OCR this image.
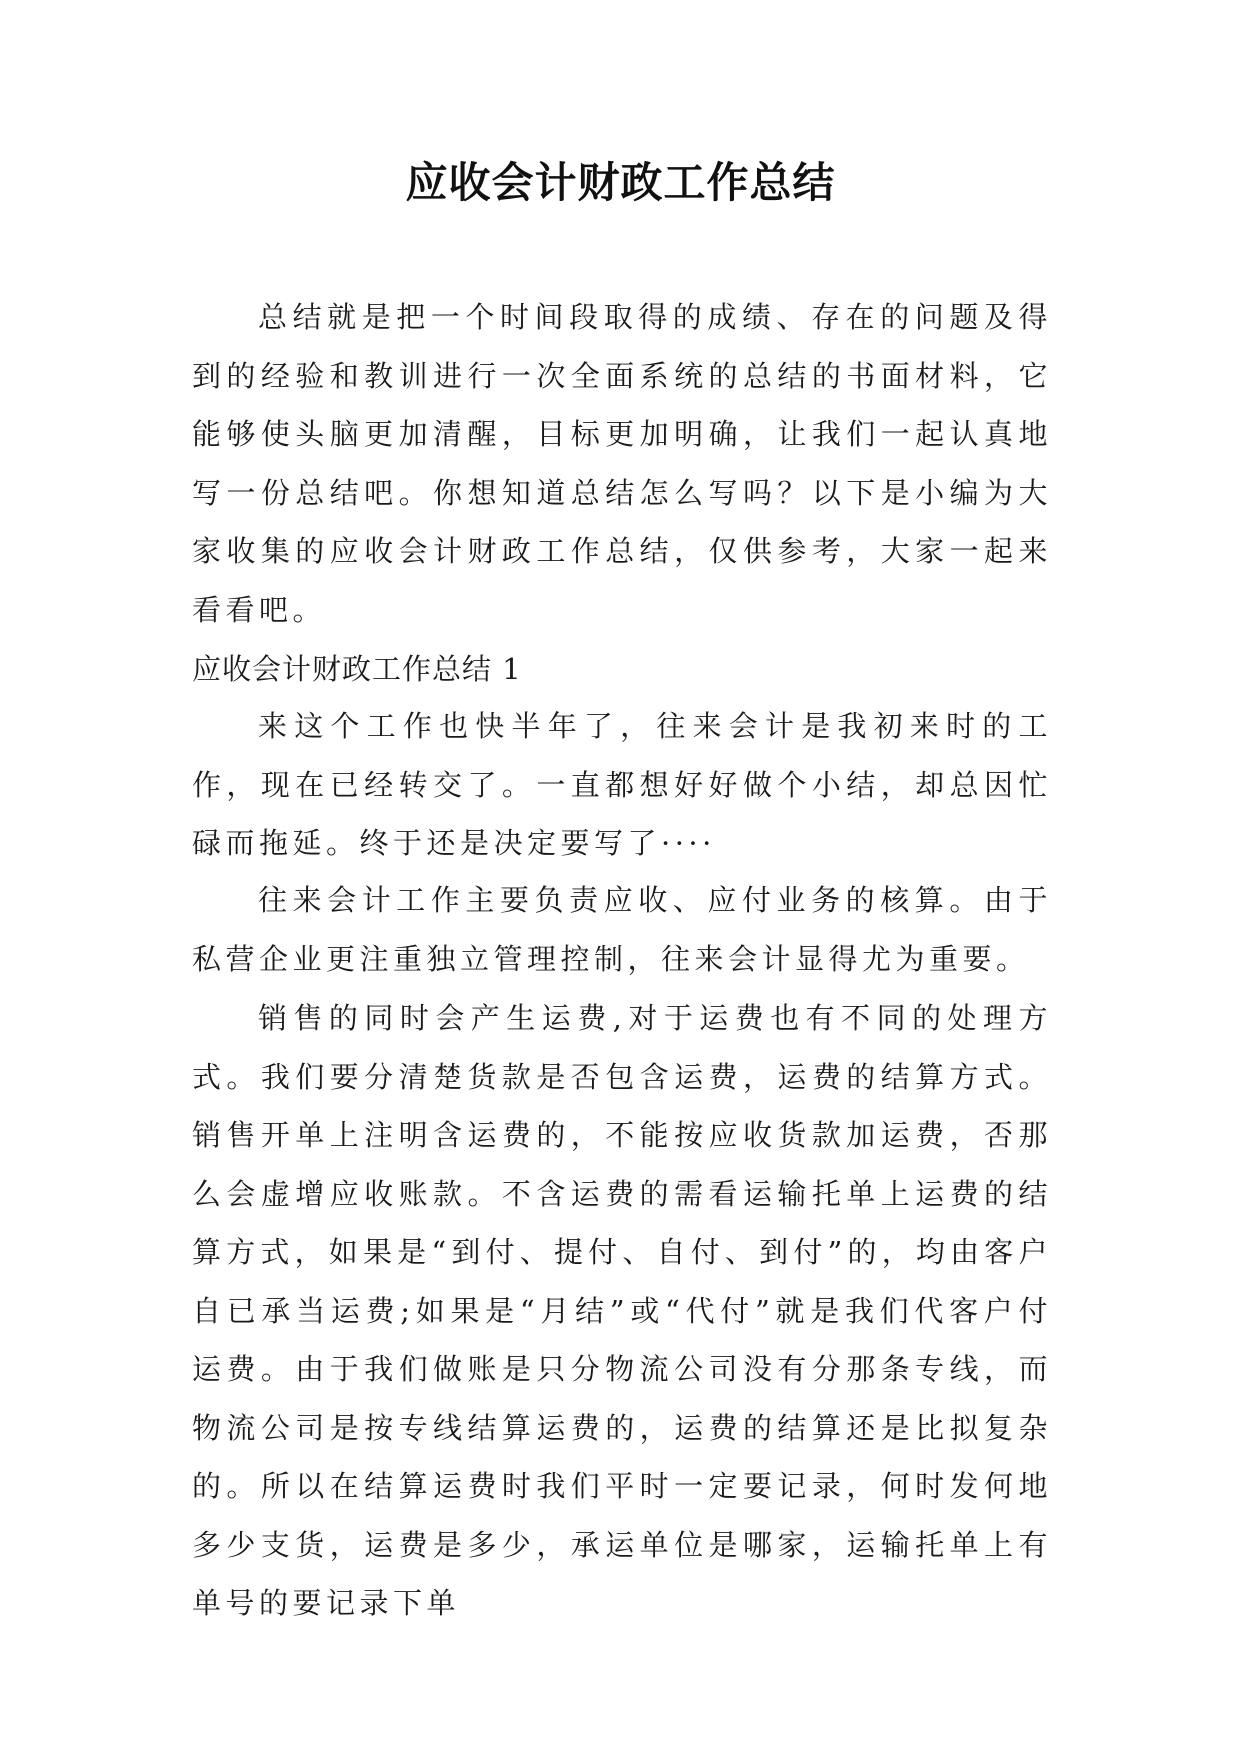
应收会计财政工作总结

总结就是把一个时间段取得的成绩、存在的问题及得到的经验和教训进行一次全面系统的总结的书面材料，它能够使头脑更加清醒，目标更加明确，让我们一起认真地写一份总结吧。你想知道总结怎么写吗？以下是小编为大家收集的应收会计财政工作总结，仅供参考，大家一起来看看吧。

应收会计财政工作总结 1

来这个工作也快半年了，往来会计是我初来时的工作，现在已经转交了。一直都想好好做个小结，却总因忙碌而拖延。终于还是决定要写了····

往来会计工作主要负责应收、应付业务的核算。由于私营企业更注重独立管理控制，往来会计显得尤为重要。

销售的同时会产生运费,对于运费也有不同的处理方式。我们要分清楚货款是否包含运费，运费的结算方式。销售开单上注明含运费的，不能按应收货款加运费，否那么会虚增应收账款。不含运费的需看运输托单上运费的结算方式，如果是“到付、提付、自付、到付”的，均由客户自已承当运费;如果是“月结”或“代付”就是我们代客户付运费。由于我们做账是只分物流公司没有分那条专线，而物流公司是按专线结算运费的，运费的结算还是比拟复杂的。所以在结算运费时我们平时一定要记录，何时发何地多少支货，运费是多少，承运单位是哪家，运输托单上有单号的要记录下单
